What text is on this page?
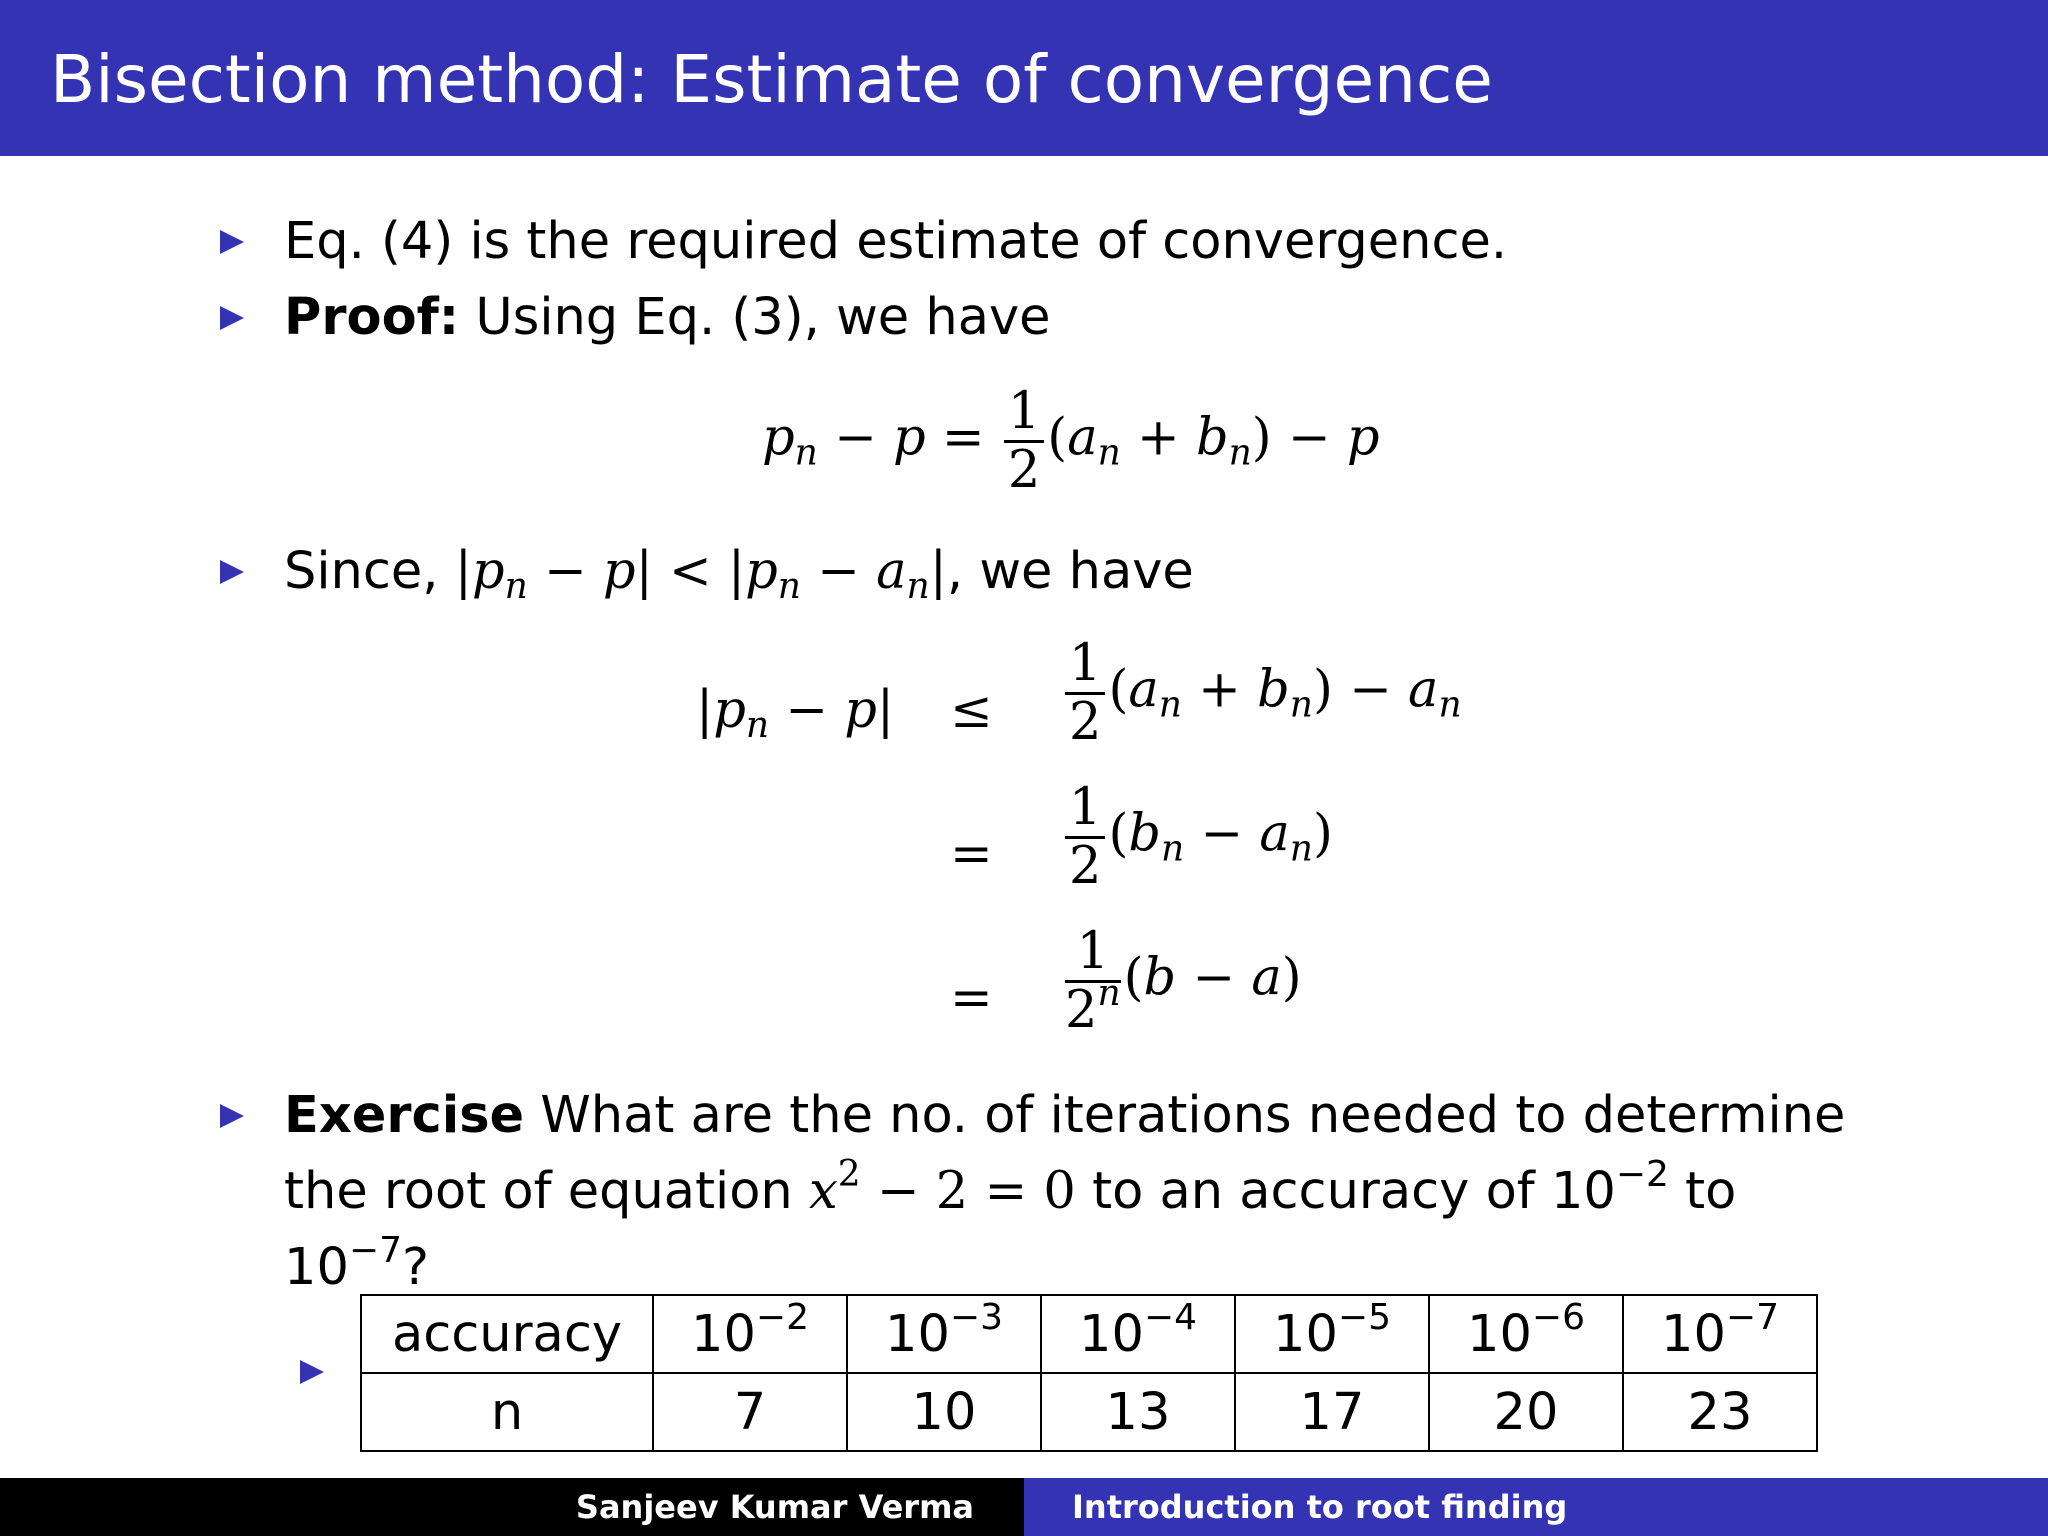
Bisection method: Estimate of convergence
Eq. (4) is the required estimate of convergence.
Proof: Using Eq. (3), we have
$p_n - p = \frac{1}{2} (a_n + b_n) - p$
Since, $|p_n - p| < |p_n - a_n|$, we have
$|p_n - p| \le \frac{1}{2} (a_n + b_n) - a_n$
= $\frac{1}{2} (b_n - a_n)$
= $\frac{1}{2^n} (b - a)$
Exercise What are the no. of iterations needed to determine
the root of equation $x^2 - 2 = 0$ to an accuracy of $10^{-2}$ to
$10^{-7}$?
accuracy	$10^{-2}$	$10^{-3}$	$10^{-4}$	$10^{-5}$	$10^{-6}$	$10^{-7}$
n	7	10	13	17	20	23
Sanjeev Kumar Verma	Introduction to root finding
